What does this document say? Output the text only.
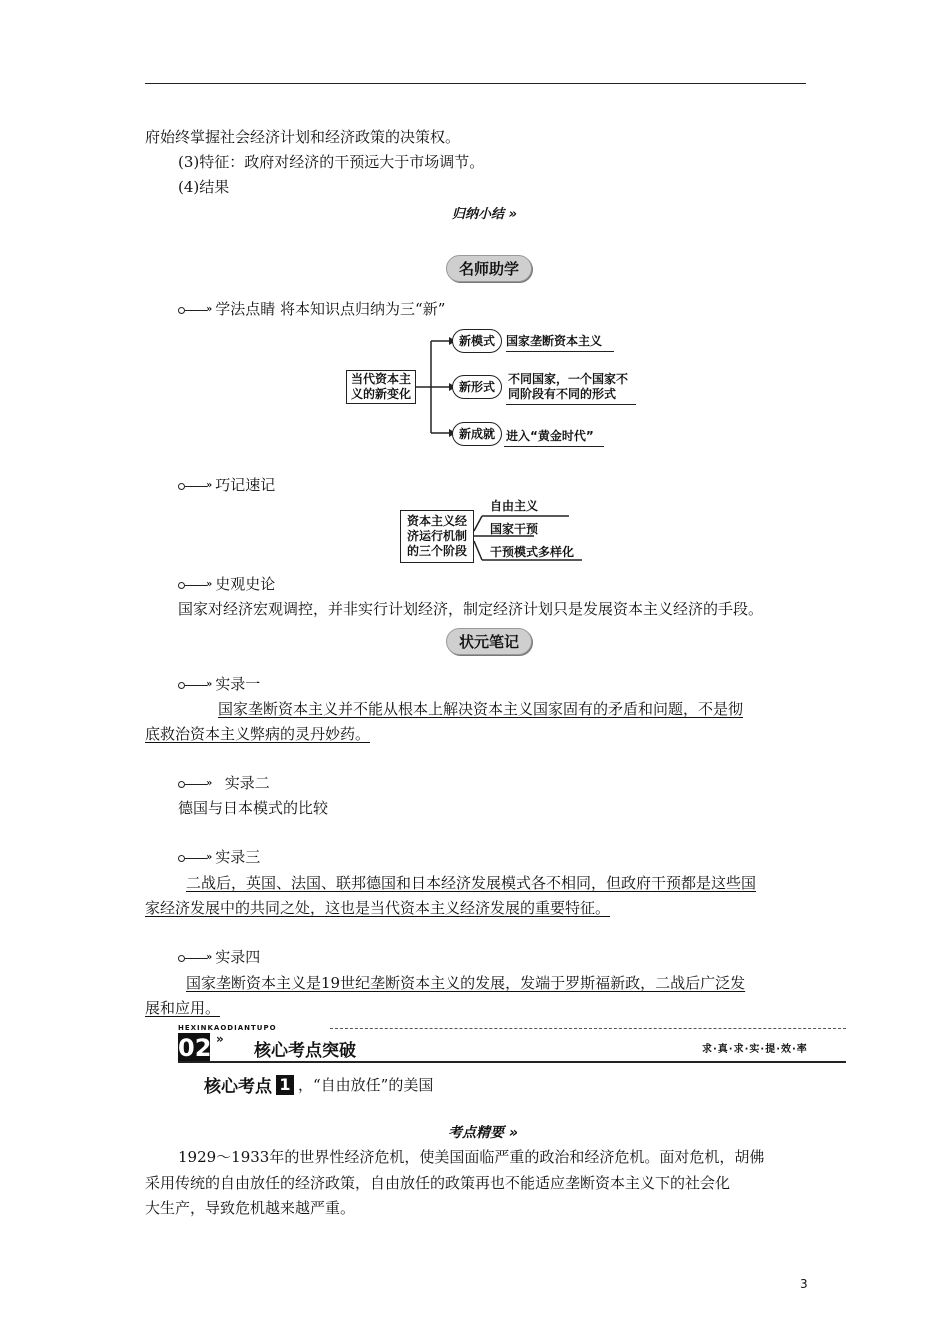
府始终掌握社会经济计划和经济政策的决策权。
(3)特征：政府对经济的干预远大于市场调节。
(4)结果
归纳小结 »
名师助学
» 学法点睛 将本知识点归纳为三“新”
当代资本主
义的新变化
新模式 国家垄断资本主义
新形式
不同国家，一个国家不
同阶段有不同的形式
新成就 进入“黄金时代”
» 巧记速记
资本主义经
济运行机制
的三个阶段
自由主义
国家干预
干预模式多样化
» 史观史论
国家对经济宏观调控，并非实行计划经济，制定经济计划只是发展资本主义经济的手段。
状元笔记
» 实录一
国家垄断资本主义并不能从根本上解决资本主义国家固有的矛盾和问题，不是彻
底救治资本主义弊病的灵丹妙药。
» 实录二
德国与日本模式的比较
» 实录三
二战后，英国、法国、联邦德国和日本经济发展模式各不相同，但政府干预都是这些国
家经济发展中的共同之处，这也是当代资本主义经济发展的重要特征。
» 实录四
国家垄断资本主义是19世纪垄断资本主义的发展，发端于罗斯福新政，二战后广泛发
展和应用。
HEXINKAODIANTUPO
02 »
核心考点突破	求·真·求·实·提·效·率
核心考点 1 ，“自由放任”的美国
考点精要 »
1929～1933年的世界性经济危机，使美国面临严重的政治和经济危机。面对危机，胡佛
采用传统的自由放任的经济政策，自由放任的政策再也不能适应垄断资本主义下的社会化
大生产，导致危机越来越严重。
3
